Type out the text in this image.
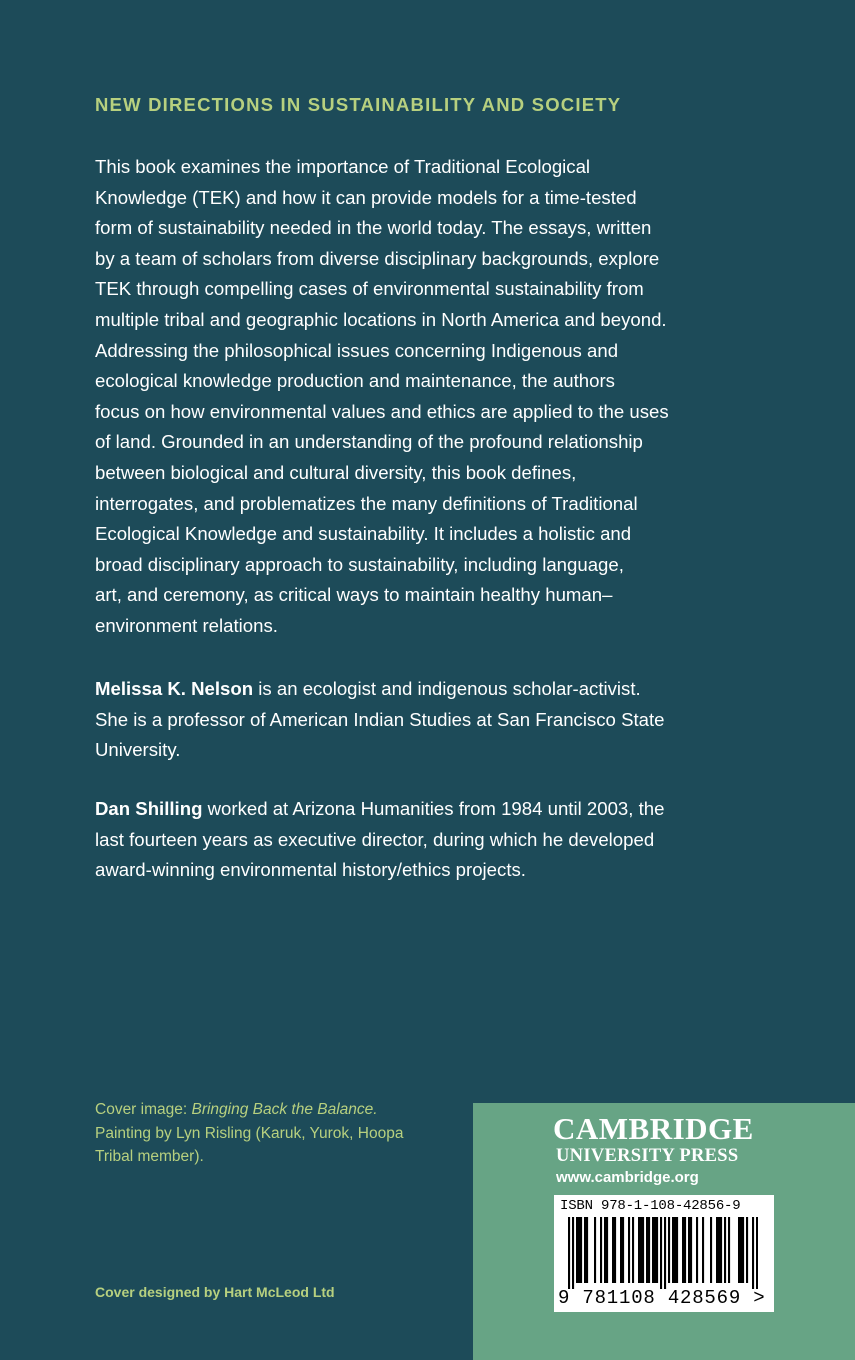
NEW DIRECTIONS IN SUSTAINABILITY AND SOCIETY
This book examines the importance of Traditional Ecological
Knowledge (TEK) and how it can provide models for a time-tested
form of sustainability needed in the world today. The essays, written
by a team of scholars from diverse disciplinary backgrounds, explore
TEK through compelling cases of environmental sustainability from
multiple tribal and geographic locations in North America and beyond.
Addressing the philosophical issues concerning Indigenous and
ecological knowledge production and maintenance, the authors
focus on how environmental values and ethics are applied to the uses
of land. Grounded in an understanding of the profound relationship
between biological and cultural diversity, this book defines,
interrogates, and problematizes the many definitions of Traditional
Ecological Knowledge and sustainability. It includes a holistic and
broad disciplinary approach to sustainability, including language,
art, and ceremony, as critical ways to maintain healthy human–
environment relations.
Melissa K. Nelson is an ecologist and indigenous scholar-activist.
She is a professor of American Indian Studies at San Francisco State
University.
Dan Shilling worked at Arizona Humanities from 1984 until 2003, the
last fourteen years as executive director, during which he developed
award-winning environmental history/ethics projects.
Cover image: Bringing Back the Balance.
Painting by Lyn Risling (Karuk, Yurok, Hoopa
Tribal member).
Cover designed by Hart McLeod Ltd
CAMBRIDGE
UNIVERSITY PRESS
www.cambridge.org
ISBN 978-1-108-42856-9
9 781108 428569 >
